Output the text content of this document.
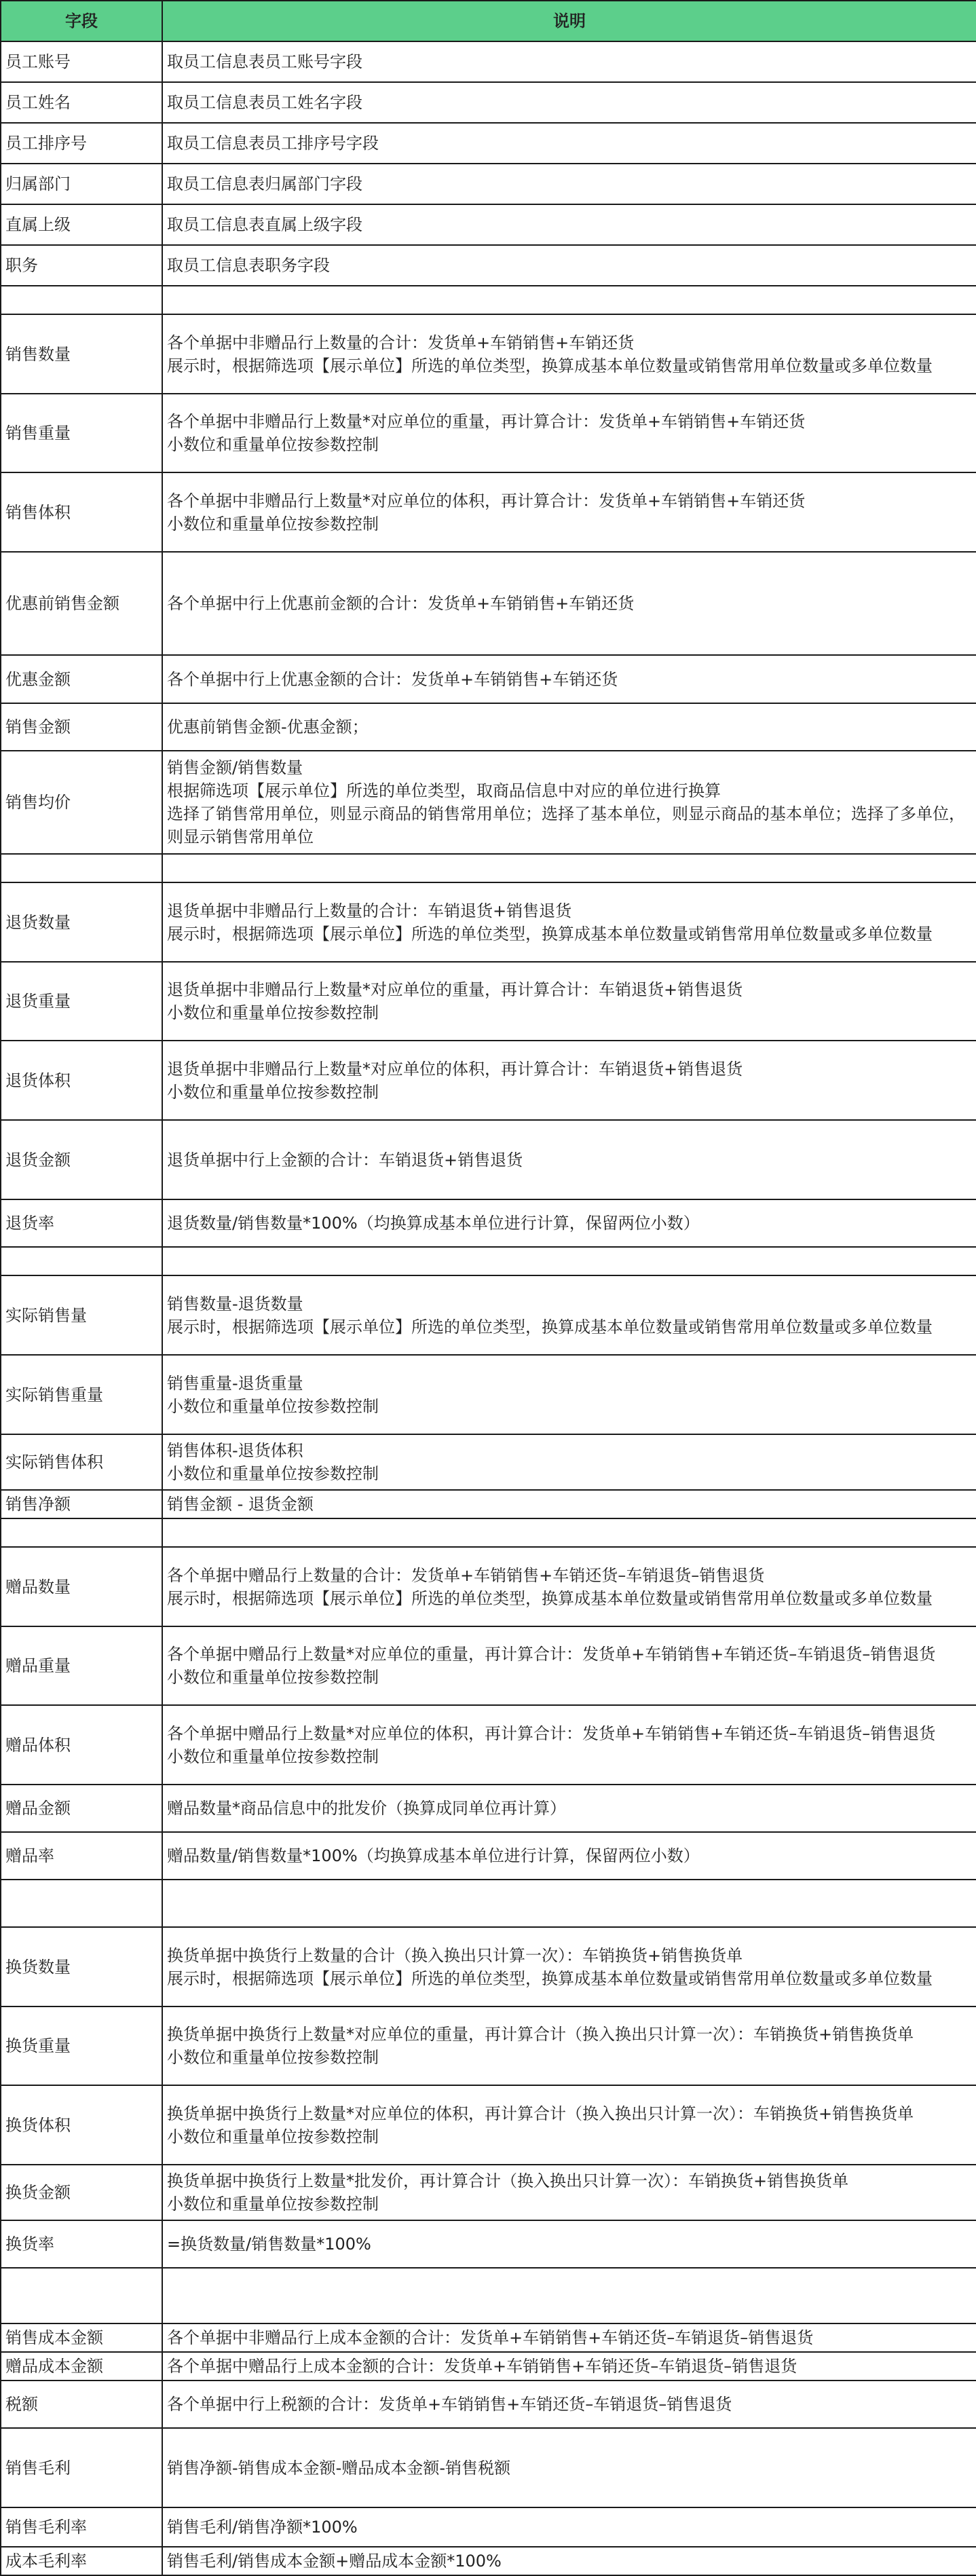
字段	说明
员工账号	取员工信息表员工账号字段

员工姓名	取员工信息表员工姓名字段

员工排序号	取员工信息表员工排序号字段

归属部门	取员工信息表归属部门字段

直属上级	取员工信息表直属上级字段

职务	取员工信息表职务字段

销售数量	各个单据中非赠品行上数量的合计：发货单+车销销售+车销还货
展示时，根据筛选项【展示单位】所选的单位类型，换算成基本单位数量或销售常用单位数量或多单位数量

销售重量	各个单据中非赠品行上数量*对应单位的重量，再计算合计：发货单+车销销售+车销还货
小数位和重量单位按参数控制

销售体积	各个单据中非赠品行上数量*对应单位的体积，再计算合计：发货单+车销销售+车销还货
小数位和重量单位按参数控制

优惠前销售金额	各个单据中行上优惠前金额的合计：发货单+车销销售+车销还货

优惠金额	各个单据中行上优惠金额的合计：发货单+车销销售+车销还货

销售金额	优惠前销售金额-优惠金额；

销售均价	销售金额/销售数量
根据筛选项【展示单位】所选的单位类型，取商品信息中对应的单位进行换算
选择了销售常用单位，则显示商品的销售常用单位；选择了基本单位，则显示商品的基本单位；选择了多单位，则显示销售常用单位

退货数量	退货单据中非赠品行上数量的合计：车销退货+销售退货
展示时，根据筛选项【展示单位】所选的单位类型，换算成基本单位数量或销售常用单位数量或多单位数量

退货重量	退货单据中非赠品行上数量*对应单位的重量，再计算合计：车销退货+销售退货
小数位和重量单位按参数控制

退货体积	退货单据中非赠品行上数量*对应单位的体积，再计算合计：车销退货+销售退货
小数位和重量单位按参数控制

退货金额	退货单据中行上金额的合计：车销退货+销售退货

退货率	退货数量/销售数量*100%（均换算成基本单位进行计算，保留两位小数）

实际销售量	销售数量-退货数量
展示时，根据筛选项【展示单位】所选的单位类型，换算成基本单位数量或销售常用单位数量或多单位数量

实际销售重量	销售重量-退货重量
小数位和重量单位按参数控制

实际销售体积	销售体积-退货体积
小数位和重量单位按参数控制

销售净额	销售金额 - 退货金额

赠品数量	各个单据中赠品行上数量的合计：发货单+车销销售+车销还货–车销退货–销售退货
展示时，根据筛选项【展示单位】所选的单位类型，换算成基本单位数量或销售常用单位数量或多单位数量

赠品重量	各个单据中赠品行上数量*对应单位的重量，再计算合计：发货单+车销销售+车销还货–车销退货–销售退货
小数位和重量单位按参数控制

赠品体积	各个单据中赠品行上数量*对应单位的体积，再计算合计：发货单+车销销售+车销还货–车销退货–销售退货
小数位和重量单位按参数控制

赠品金额	赠品数量*商品信息中的批发价（换算成同单位再计算）

赠品率	赠品数量/销售数量*100%（均换算成基本单位进行计算，保留两位小数）

换货数量	换货单据中换货行上数量的合计（换入换出只计算一次）：车销换货+销售换货单
展示时，根据筛选项【展示单位】所选的单位类型，换算成基本单位数量或销售常用单位数量或多单位数量

换货重量	换货单据中换货行上数量*对应单位的重量，再计算合计（换入换出只计算一次）：车销换货+销售换货单
小数位和重量单位按参数控制

换货体积	换货单据中换货行上数量*对应单位的体积，再计算合计（换入换出只计算一次）：车销换货+销售换货单
小数位和重量单位按参数控制

换货金额	换货单据中换货行上数量*批发价，再计算合计（换入换出只计算一次）：车销换货+销售换货单
小数位和重量单位按参数控制

换货率	=换货数量/销售数量*100%

销售成本金额	各个单据中非赠品行上成本金额的合计：发货单+车销销售+车销还货–车销退货–销售退货

赠品成本金额	各个单据中赠品行上成本金额的合计：发货单+车销销售+车销还货–车销退货–销售退货

税额	各个单据中行上税额的合计：发货单+车销销售+车销还货–车销退货–销售退货

销售毛利	销售净额-销售成本金额-赠品成本金额-销售税额

销售毛利率	销售毛利/销售净额*100%

成本毛利率	销售毛利/销售成本金额+赠品成本金额*100%
